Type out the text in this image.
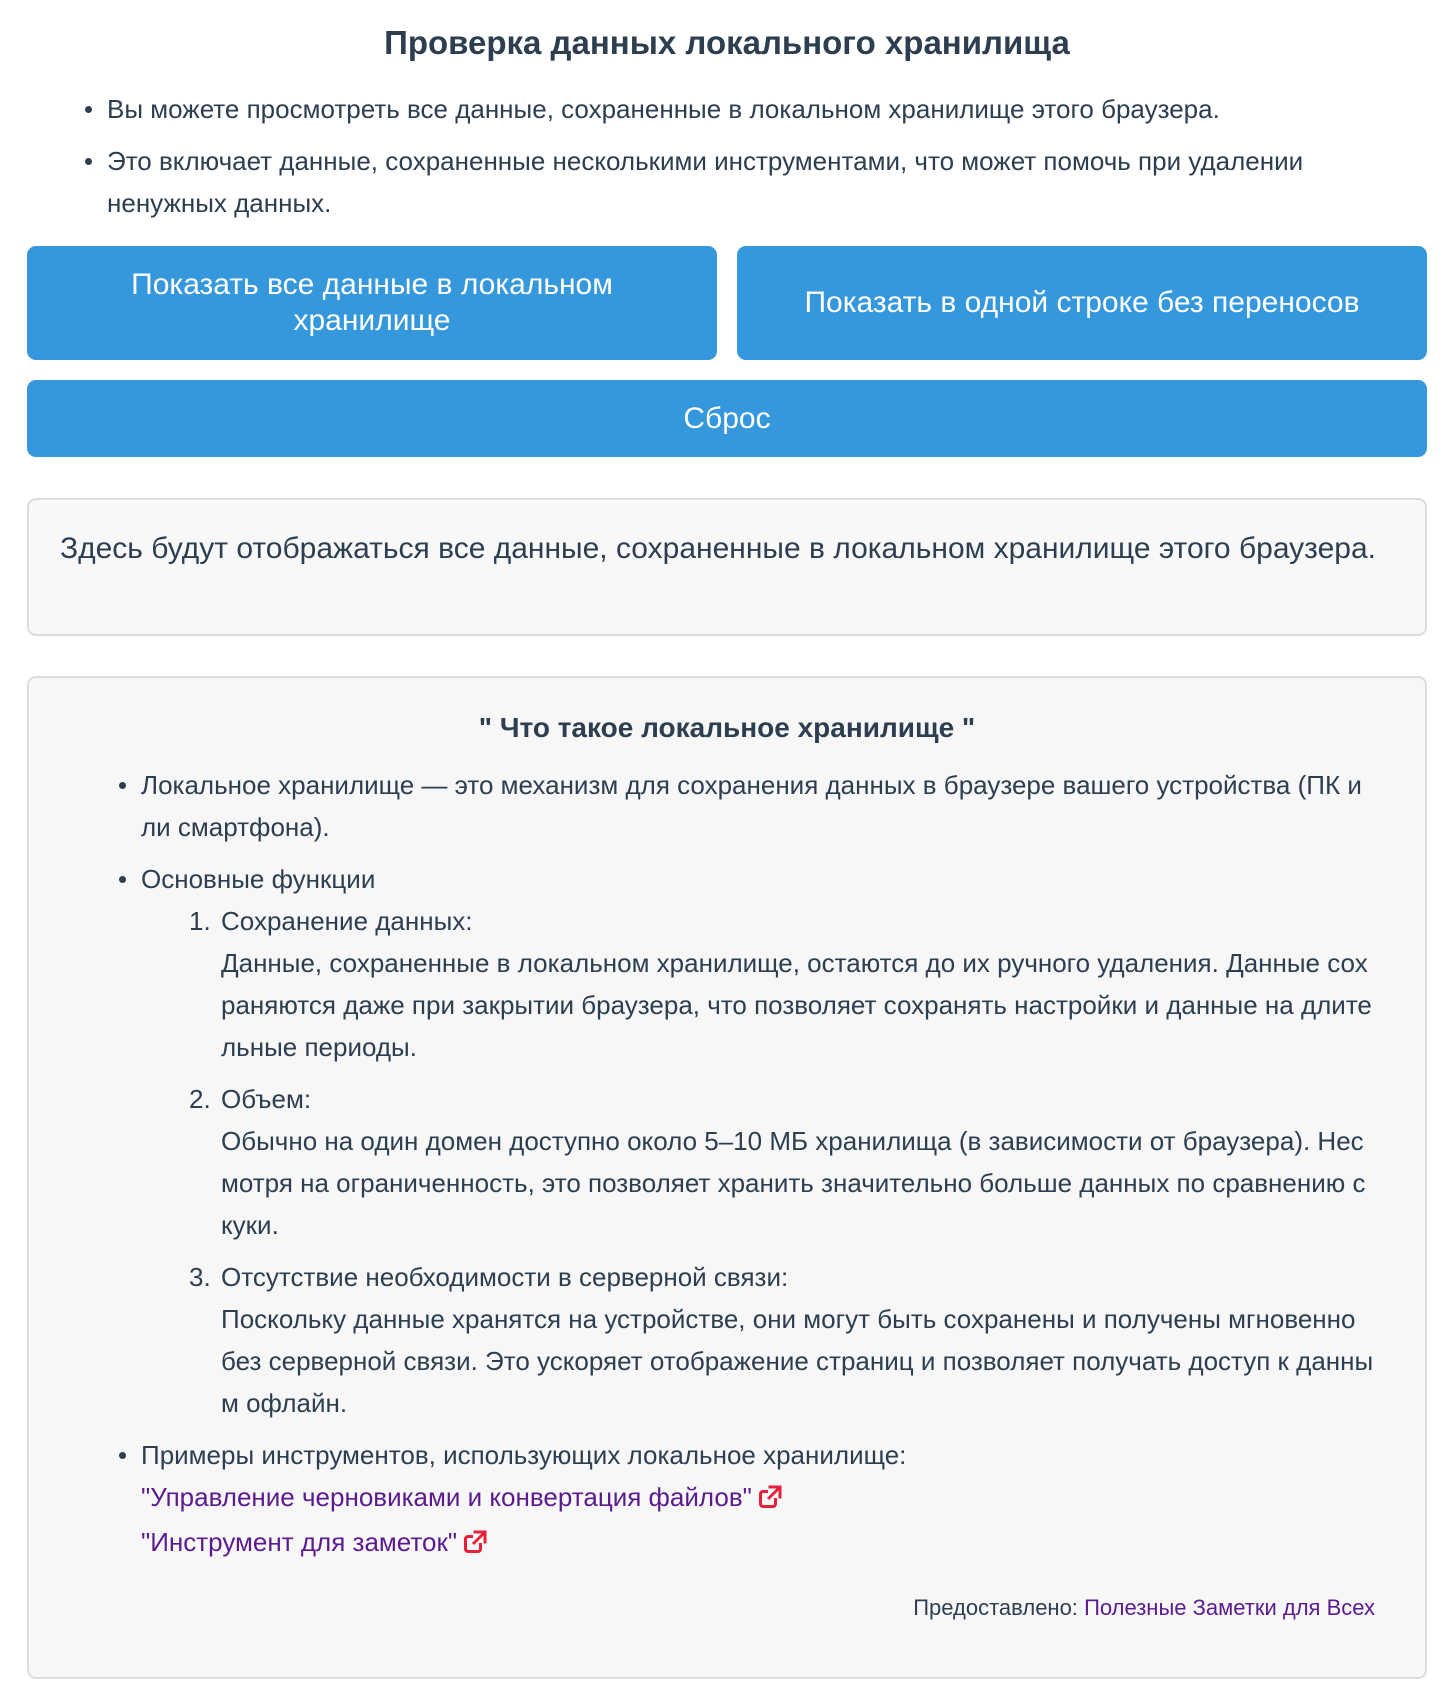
Проверка данных локального хранилища
Вы можете просмотреть все данные, сохраненные в локальном хранилище этого браузера.
Это включает данные, сохраненные несколькими инструментами, что может помочь при удалении ненужных данных.
Показать все данные в локальном хранилище
Показать в одной строке без переносов
Сброс
Здесь будут отображаться все данные, сохраненные в локальном хранилище этого браузера.
" Что такое локальное хранилище "
Локальное хранилище — это механизм для сохранения данных в браузере вашего устройства (ПК или смартфона).
Основные функции
1. Сохранение данных:
Данные, сохраненные в локальном хранилище, остаются до их ручного удаления. Данные сохраняются даже при закрытии браузера, что позволяет сохранять настройки и данные на длительные периоды.
2. Объем:
Обычно на один домен доступно около 5–10 МБ хранилища (в зависимости от браузера). Несмотря на ограниченность, это позволяет хранить значительно больше данных по сравнению с куки.
3. Отсутствие необходимости в серверной связи:
Поскольку данные хранятся на устройстве, они могут быть сохранены и получены мгновенно без серверной связи. Это ускоряет отображение страниц и позволяет получать доступ к данным офлайн.
Примеры инструментов, использующих локальное хранилище:
"Управление черновиками и конвертация файлов"
"Инструмент для заметок"
Предоставлено: Полезные Заметки для Всех
